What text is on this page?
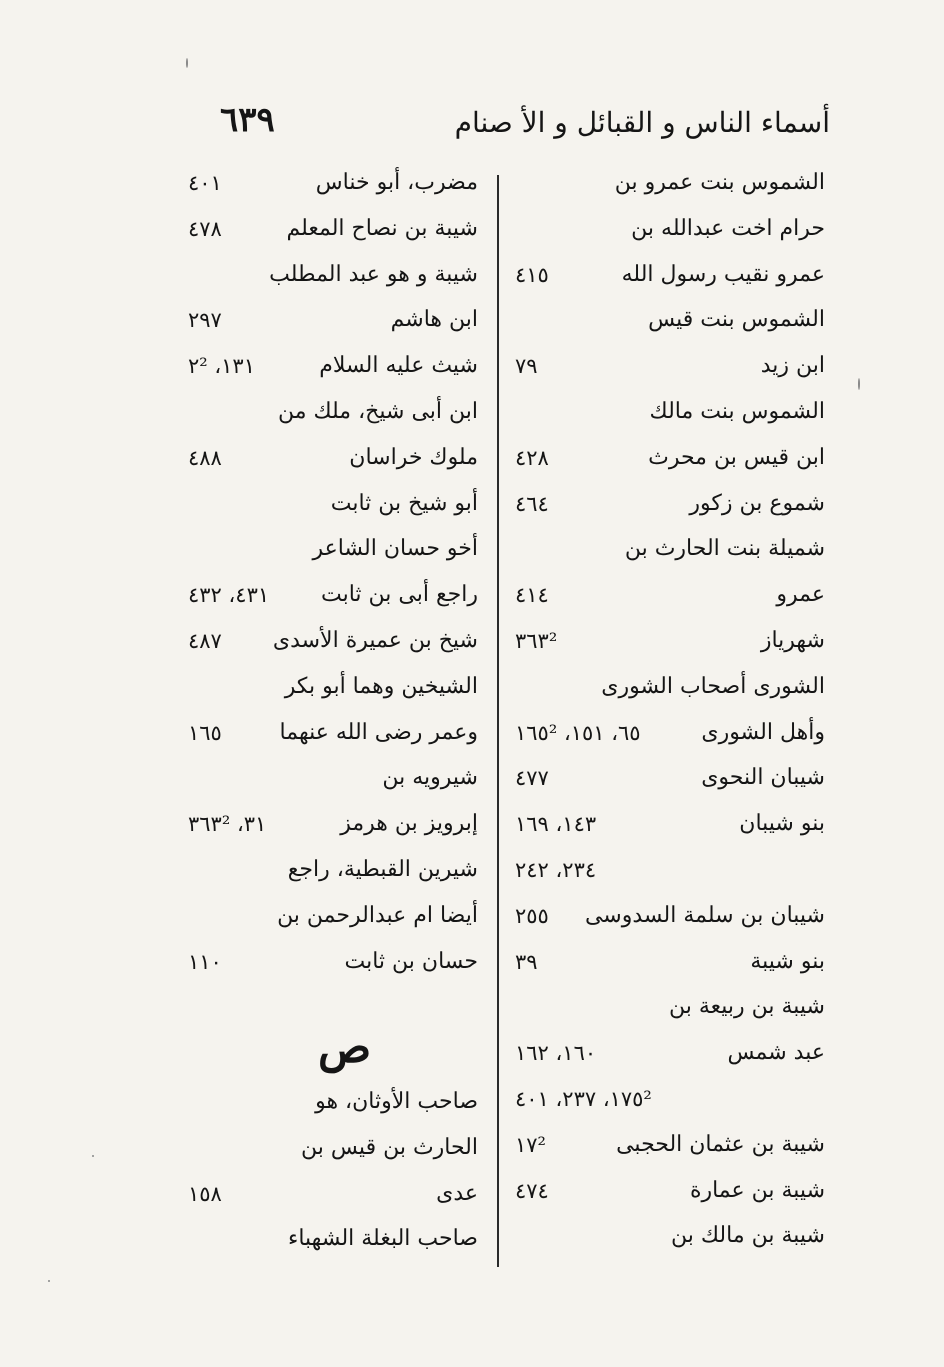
٦٣٩	أسماء الناس و القبائل و الأ صنام
الشموس بنت عمرو بن
حرام اخت عبدالله بن
عمرو نقيب رسول الله
٤١٥
الشموس بنت قيس
ابن زيد
٧٩
الشموس بنت مالك
ابن قيس بن محرث
٤٢٨
شموع بن زكور
٤٦٤
شميلة بنت الحارث بن
عمرو
٤١٤
شهرياز
٣٦٣²
الشورى أصحاب الشورى
وأهل الشورى
٦٥، ١٥١، ١٦٥²
شيبان النحوى
٤٧٧
بنو شيبان
١٤٣، ١٦٩
٢٣٤، ٢٤٢
شيبان بن سلمة السدوسى
٢٥٥
بنو شيبة
٣٩
شيبة بن ربيعة بن
عبد شمس
١٦٠، ١٦٢
١٧٥²، ٢٣٧، ٤٠١
شيبة بن عثمان الحجبى
١٧²
شيبة بن عمارة
٤٧٤
شيبة بن مالك بن
مضرب، أبو خناس
٤٠١
شيبة بن نصاح المعلم
٤٧٨
شيبة و هو عبد المطلب
ابن هاشم
٢٩٧
شيث عليه السلام
١٣١، ٢²
ابن أبى شيخ، ملك من
ملوك خراسان
٤٨٨
أبو شيخ بن ثابت
أخو حسان الشاعر
راجع أبى بن ثابت
٤٣١، ٤٣٢
شيخ بن عميرة الأسدى
٤٨٧
الشيخين وهما أبو بكر
وعمر رضى الله عنهما
١٦٥
شيرويه بن
إبرويز بن هرمز
٣١، ٣٦٣²
شيرين القبطية، راجع
أيضا ام عبدالرحمن بن
حسان بن ثابت
١١٠
صاحب الأوثان، هو
الحارث بن قيس بن
عدى
١٥٨
صاحب البغلة الشهباء
ص
